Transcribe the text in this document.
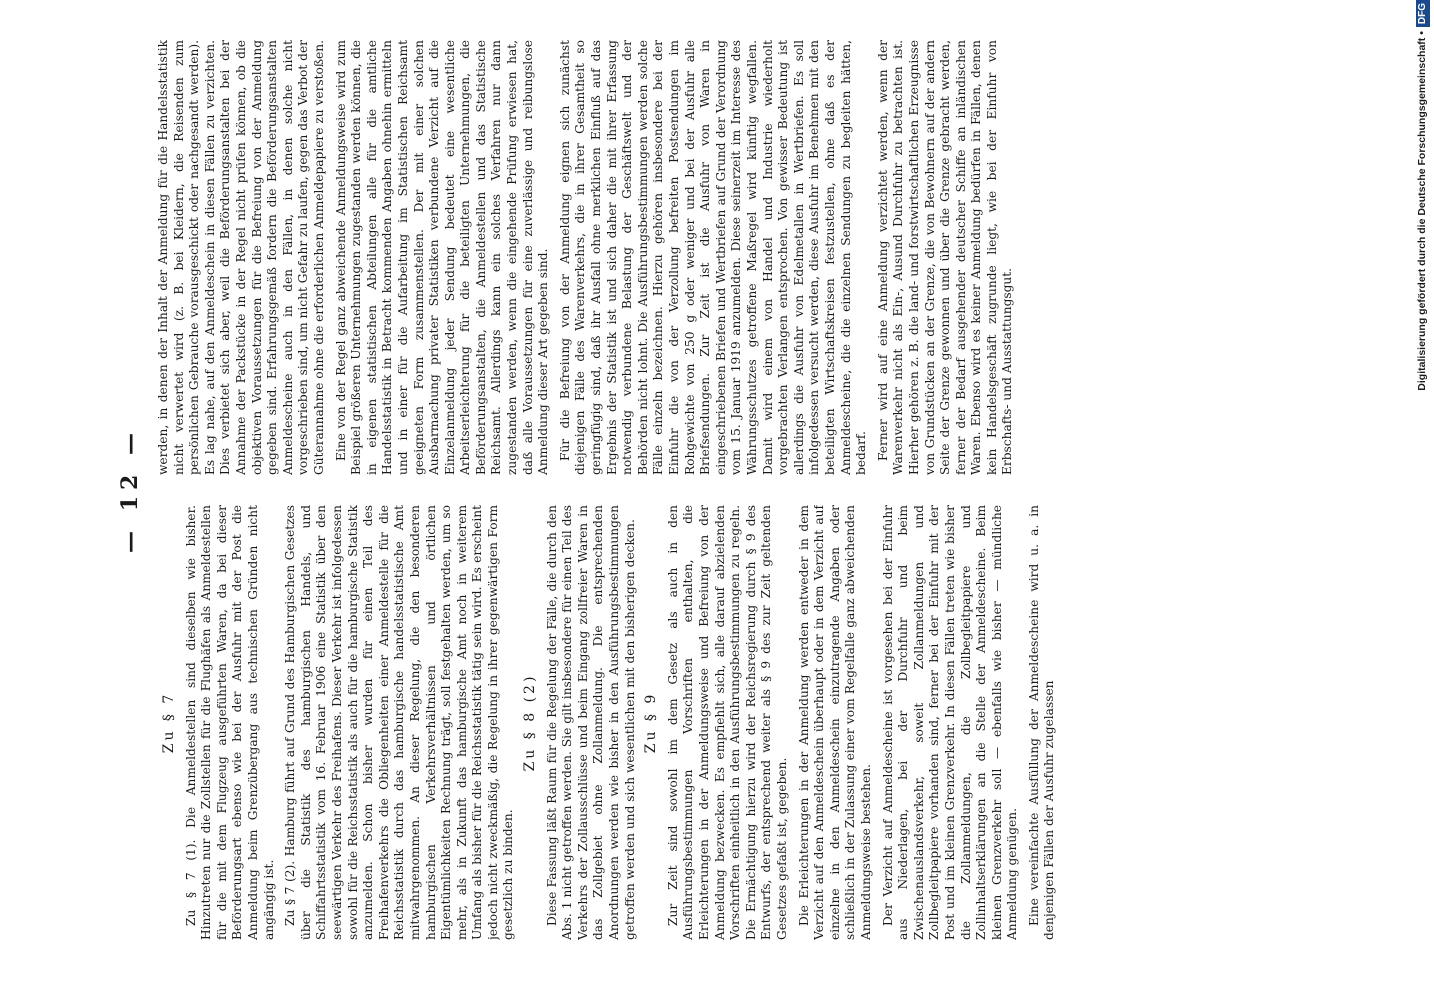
— 12 —
Zu § 7 Zu § 7 (1). Die Anmeldestellen sind dieselben wie bisher. Hinzutreten nur die Zollstellen für die Flughäfen als Anmeldestellen für die mit dem Flugzeug ausgeführten Waren, da bei dieser Beförderungsart ebenso wie bei der Ausfuhr mit der Post die Anmeldung beim Grenzübergang aus technischen Gründen nicht angängig ist. Zu § 7 (2). Hamburg führt auf Grund des Hamburgischen Gesetzes über die Statistik des hamburgischen Handels, und Schiffahrtsstatistik vom 16. Februar 1906 eine Statistik über den seewärtigen Verkehr des Freihafens. Dieser Verkehr ist infolgedessen sowohl für die Reichsstatistik als auch für die hamburgische Statistik anzumelden. Schon bisher wurden für einen Teil des Freihafenverkehrs die Obliegenheiten einer Anmeldestelle für die Reichsstatistik durch das hamburgische handelsstatistische Amt mitwahrgenommen. An dieser Regelung, die den besonderen hamburgischen Verkehrsverhältnissen und örtlichen Eigentümlichkeiten Rechnung trägt, soll festgehalten werden, um so mehr, als in Zukunft das hamburgische Amt noch in weiterem Umfang als bisher für die Reichsstatistik tätig sein wird. Es erscheint jedoch nicht zweckmäßig, die Regelung in ihrer gegenwärtigen Form gesetzlich zu binden.

Zu § 8 (2) Diese Fassung läßt Raum für die Regelung der Fälle, die durch den Abs. 1 nicht getroffen werden. Sie gilt insbesondere für einen Teil des Verkehrs der Zollausschlüsse und beim Eingang zollfreier Waren in das Zollgebiet ohne Zollanmeldung. Die entsprechenden Anordnungen werden wie bisher in den Ausführungsbestimmungen getroffen werden und sich wesentlichen mit den bisherigen decken. Zu § 9 Zur Zeit sind sowohl im dem Gesetz als auch in den Ausführungsbestimmungen Vorschriften enthalten, die Erleichterungen in der Anmeldungsweise und Befreiung von der Anmeldung bezwecken. Es empfiehlt sich, alle darauf abzielenden Vorschriften einheitlich in den Ausführungsbestimmungen zu regeln. Die Ermächtigung hierzu wird der Reichsregierung durch § 9 des Entwurfs, der entsprechend weiter als § 9 des zur Zeit geltenden Gesetzes gefaßt ist, gegeben. Die Erleichterungen in der Anmeldung werden entweder in dem Verzicht auf den Anmeldeschein überhaupt oder in dem Verzicht auf einzelne in den Anmeldeschein einzutragende Angaben oder schließlich in der Zulassung einer vom Regelfalle ganz abweichenden Anmeldungsweise bestehen. Der Verzicht auf Anmeldescheine ist vorgesehen bei der Einfuhr aus Niederlagen, bei der Durchfuhr und beim Zwischenauslandsverkehr, soweit Zollanmeldungen und Zollbegleitpapiere vorhanden sind, ferner bei der Einfuhr mit der Post und im kleinen Grenzverkehr. In diesen Fällen treten wie bisher die Zollanmeldungen, die Zollbegleitpapiere und Zollinhaltserklärungen an die Stelle der Anmeldescheine. Beim kleinen Grenzverkehr soll — ebenfalls wie bisher — mündliche Anmeldung genügen. Eine vereinfachte Ausfüllung der Anmeldescheine wird u. a. in denjenigen Fällen der Ausfuhr zugelassen

werden, in denen der Inhalt der Anmeldung für die Handelsstatistik nicht verwertet wird (z. B. bei Kleidern, die Reisenden zum persönlichen Gebrauche vorausgeschickt oder nachgesandt werden). Es lag nahe, auf den Anmeldeschein in diesen Fällen zu verzichten. Dies verbietet sich aber, weil die Beförderungsanstalten bei der Annahme der Packstücke in der Regel nicht prüfen können, ob die objektiven Voraussetzungen für die Befreiung von der Anmeldung gegeben sind. Erfahrungsgemäß fordern die Beförderungsanstalten Anmeldescheine auch in den Fällen, in denen solche nicht vorgeschrieben sind, um nicht Gefahr zu laufen, gegen das Verbot der Güterannahme ohne die erforderlichen Anmeldepapiere zu verstoßen. Eine von der Regel ganz abweichende Anmeldungsweise wird zum Beispiel größeren Unternehmungen zugestanden werden können, die in eigenen statistischen Abteilungen alle für die amtliche Handelsstatistik in Betracht kommenden Angaben ohnehin ermitteln und in einer für die Aufarbeitung im Statistischen Reichsamt geeigneten Form zusammenstellen. Der mit einer solchen Ausbarmachung privater Statistiken verbundene Verzicht auf die Einzelanmeldung jeder Sendung bedeutet eine wesentliche Arbeitserleichterung für die beteiligten Unternehmungen, die Beförderungsanstalten, die Anmeldestellen und das Statistische Reichsamt. Allerdings kann ein solches Verfahren nur dann zugestanden werden, wenn die eingehende Prüfung erwiesen hat, daß alle Voraussetzungen für eine zuverlässige und reibungslose Anmeldung dieser Art gegeben sind. Für die Befreiung von der Anmeldung eignen sich zunächst diejenigen Fälle des Warenverkehrs, die in ihrer Gesamtheit so geringfügig sind, daß ihr Ausfall ohne merklichen Einfluß auf das Ergebnis der Statistik ist und sich daher die mit ihrer Erfassung notwendig verbundene Belastung der Geschäftswelt und der Behörden nicht lohnt. Die Ausführungsbestimmungen werden solche Fälle einzeln bezeichnen. Hierzu gehören insbesondere bei der Einfuhr die von der Verzollung befreiten Postsendungen im Rohgewichte von 250 g oder weniger und bei der Ausfuhr alle Briefsendungen. Zur Zeit ist die Ausfuhr von Waren in eingeschriebenen Briefen und Wertbriefen auf Grund der Verordnung vom 15. Januar 1919 anzumelden. Diese seinerzeit im Interesse des Währungsschutzes getroffene Maßregel wird künftig wegfallen. Damit wird einem von Handel und Industrie wiederholt vorgebrachten Verlangen entsprochen. Von gewisser Bedeutung ist allerdings die Ausfuhr von Edelmetallen in Wertbriefen. Es soll infolgedessen versucht werden, diese Ausfuhr im Benehmen mit den beteiligten Wirtschaftskreisen festzustellen, ohne daß es der Anmeldescheine, die die einzelnen Sendungen zu begleiten hätten, bedarf. Ferner wird auf eine Anmeldung verzichtet werden, wenn der Warenverkehr nicht als Ein-, Ausund Durchfuhr zu betrachten ist. Hierher gehören z. B. die land- und forstwirtschaftlichen Erzeugnisse von Grundstücken an der Grenze, die von Bewohnern auf der andern Seite der Grenze gewonnen und über die Grenze gebracht werden, ferner der Bedarf ausgehender deutscher Schiffe an inländischen Waren. Ebenso wird es keiner Anmeldung bedürfen in Fällen, denen kein Handelsgeschäft zugrunde liegt, wie bei der Einfuhr von Erbschafts- und Ausstattungsgut.	Digitalisierung gefördert durch die Deutsche Forschungsgemeinschaft •DFG
